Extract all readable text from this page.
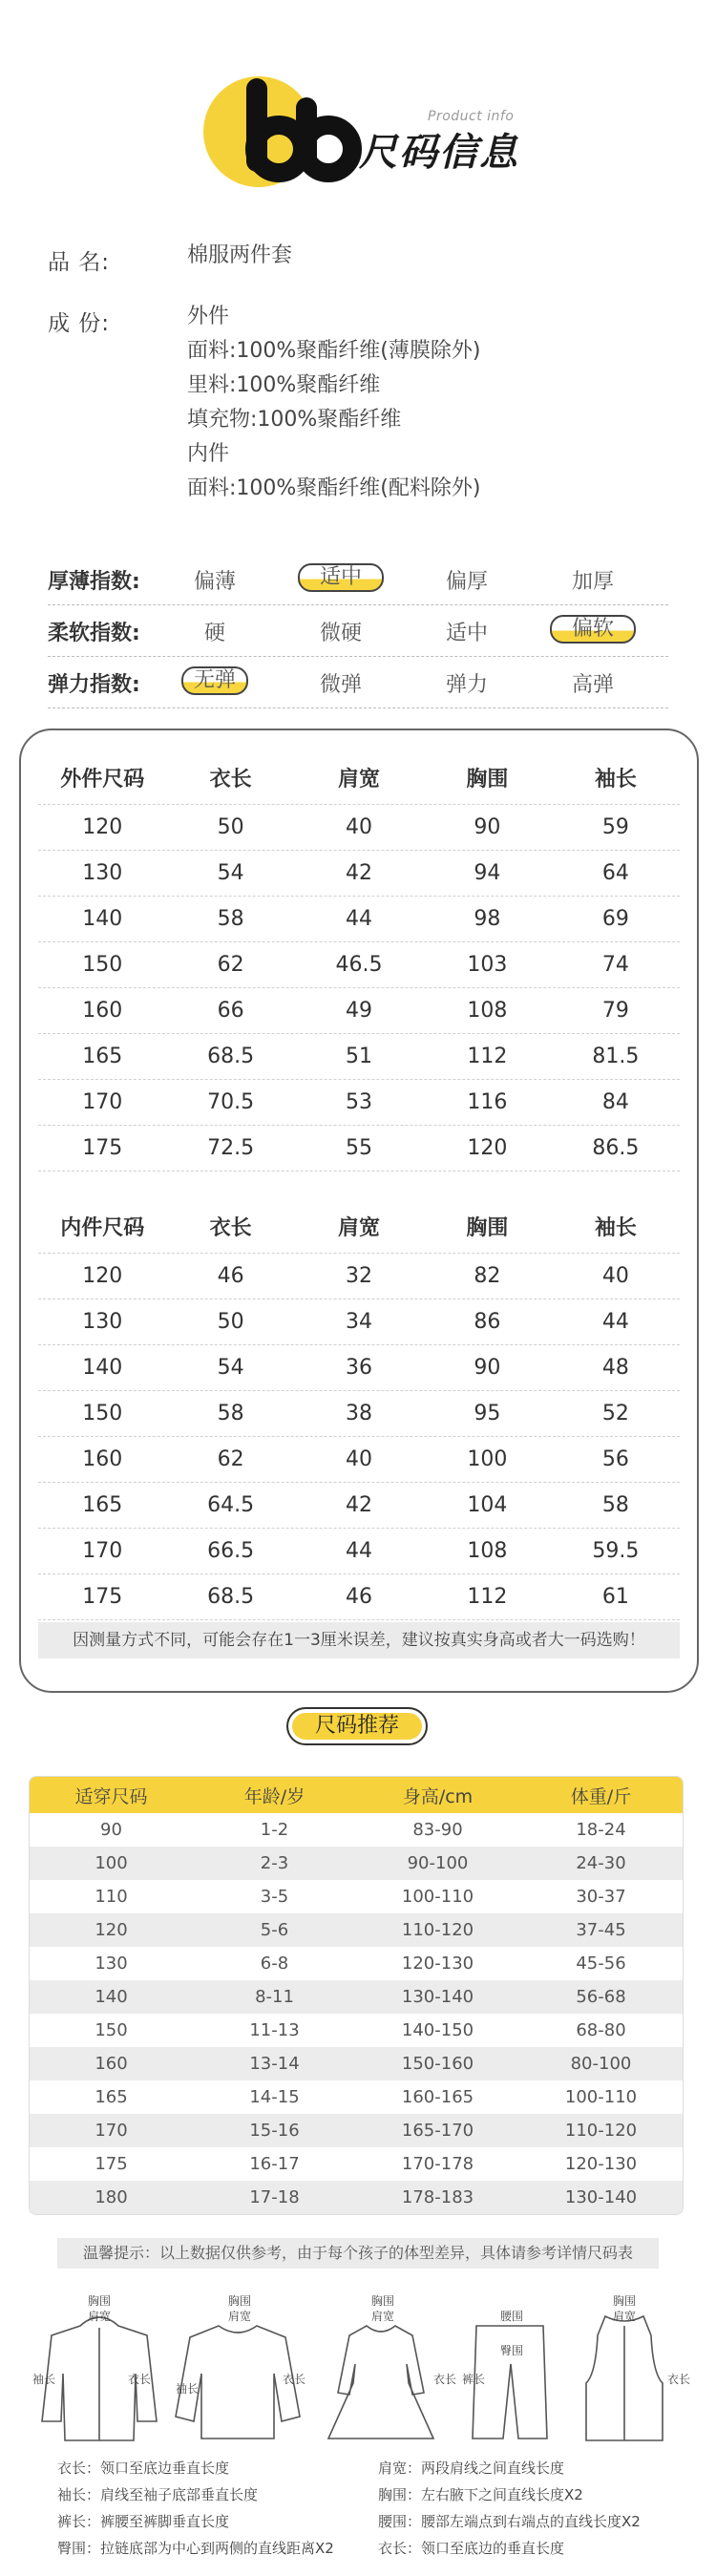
Product info
尺码信息
品 名:	棉服两件套
成 份:	外件
面料:100%聚酯纤维(薄膜除外)
里料:100%聚酯纤维
填充物:100%聚酯纤维
内件
面料:100%聚酯纤维(配料除外)
厚薄指数:	偏薄	适中	偏厚	加厚
柔软指数:	硬	微硬	适中	偏软
弹力指数:	无弹	微弹	弹力	高弹
外件尺码	衣长	肩宽	胸围	袖长
120	50	40	90	59
130	54	42	94	64
140	58	44	98	69
150	62	46.5	103	74
160	66	49	108	79
165	68.5	51	112	81.5
170	70.5	53	116	84
175	72.5	55	120	86.5
内件尺码	衣长	肩宽	胸围	袖长
120	46	32	82	40
130	50	34	86	44
140	54	36	90	48
150	58	38	95	52
160	62	40	100	56
165	64.5	42	104	58
170	66.5	44	108	59.5
175	68.5	46	112	61
因测量方式不同，可能会存在1一3厘米误差，建议按真实身高或者大一码选购！
尺码推荐
适穿尺码	年龄/岁	身高/cm	体重/斤
90	1-2	83-90	18-24
100	2-3	90-100	24-30
110	3-5	100-110	30-37
120	5-6	110-120	37-45
130	6-8	120-130	45-56
140	8-11	130-140	56-68
150	11-13	140-150	68-80
160	13-14	150-160	80-100
165	14-15	160-165	100-110
170	15-16	165-170	110-120
175	16-17	170-178	120-130
180	17-18	178-183	130-140
温馨提示：以上数据仅供参考，由于每个孩子的体型差异，具体请参考详情尺码表
胸围
肩宽
衣长
袖长
胸围
肩宽
袖长
衣长
胸围
肩宽
衣长
腰围
臀围
裤长
胸围
肩宽
衣长
衣长：领口至底边垂直长度	肩宽：两段肩线之间直线长度
袖长：肩线至袖子底部垂直长度	胸围：左右腋下之间直线长度X2
裤长：裤腰至裤脚垂直长度	腰围：腰部左端点到右端点的直线长度X2
臀围：拉链底部为中心到两侧的直线距离X2	衣长：领口至底边的垂直长度
